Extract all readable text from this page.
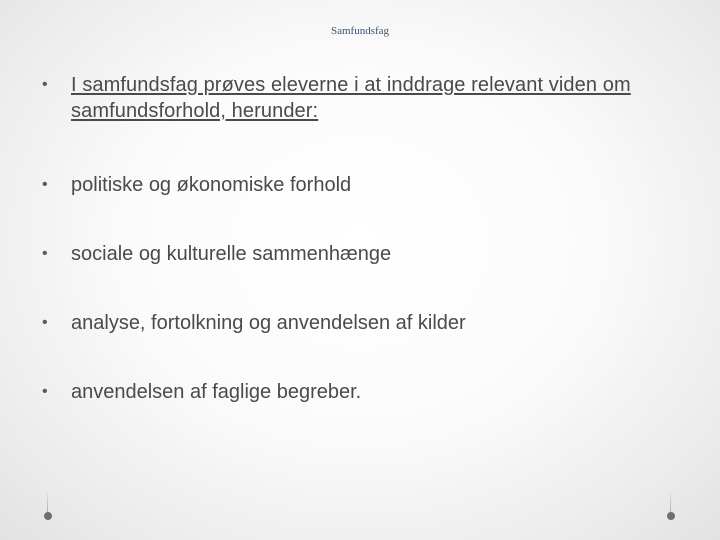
Samfundsfag
• I samfundsfag prøves eleverne i at inddrage relevant viden om samfundsforhold, herunder:
• politiske og økonomiske forhold
• sociale og kulturelle sammenhænge
• analyse, fortolkning og anvendelsen af kilder
• anvendelsen af faglige begreber.
